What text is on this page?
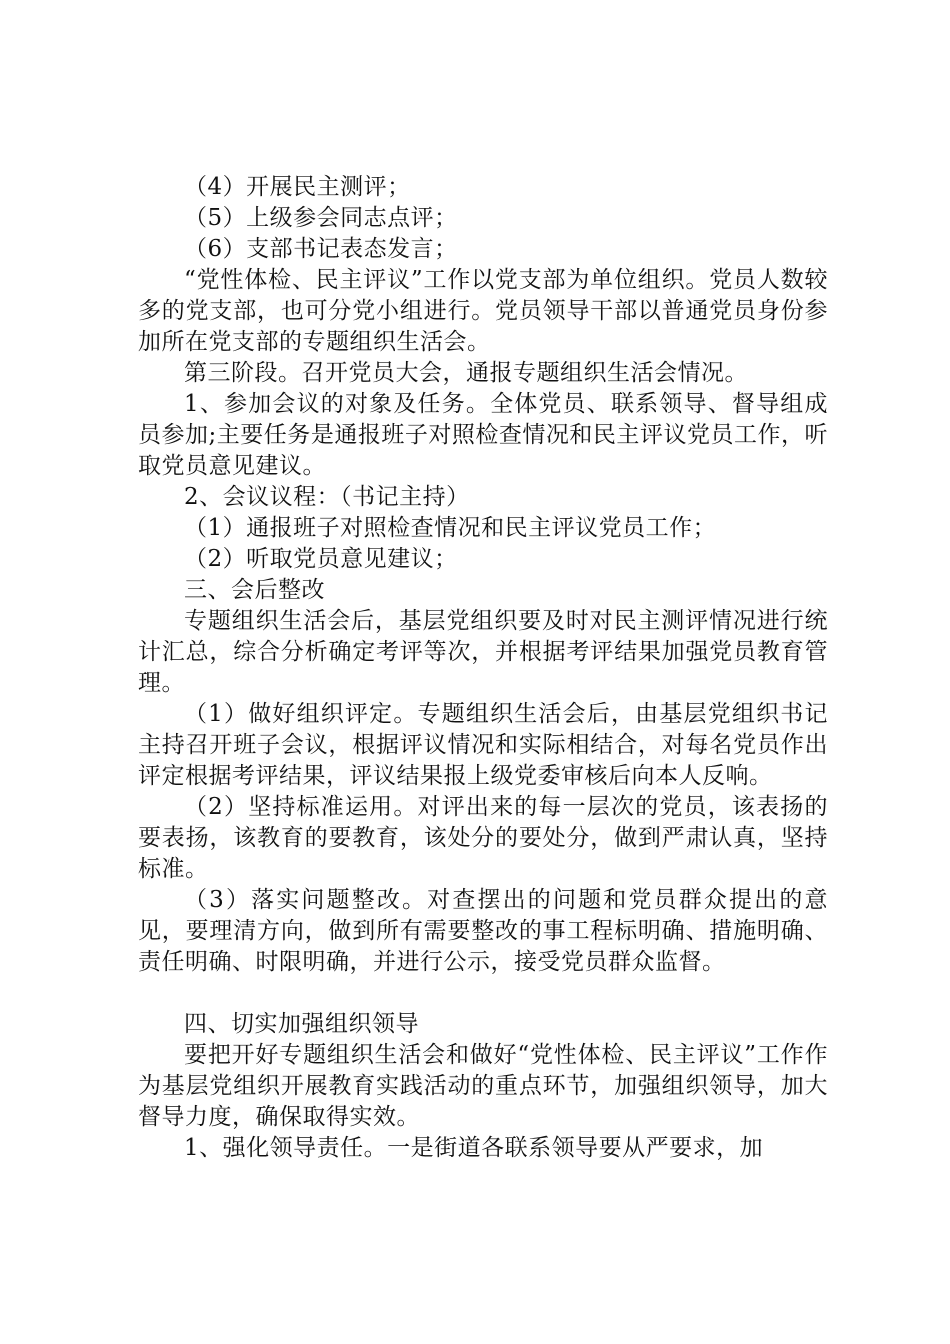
（4）开展民主测评；

（5）上级参会同志点评；

（6）支部书记表态发言；

“党性体检、民主评议”工作以党支部为单位组织。党员人数较多的党支部，也可分党小组进行。党员领导干部以普通党员身份参加所在党支部的专题组织生活会。

第三阶段。召开党员大会，通报专题组织生活会情况。

1、参加会议的对象及任务。全体党员、联系领导、督导组成员参加;主要任务是通报班子对照检查情况和民主评议党员工作，听取党员意见建议。

2、会议议程：（书记主持）

（1）通报班子对照检查情况和民主评议党员工作；

（2）听取党员意见建议；

三、会后整改

专题组织生活会后，基层党组织要及时对民主测评情况进行统计汇总，综合分析确定考评等次，并根据考评结果加强党员教育管理。

（1）做好组织评定。专题组织生活会后，由基层党组织书记主持召开班子会议，根据评议情况和实际相结合，对每名党员作出评定根据考评结果，评议结果报上级党委审核后向本人反响。

（2）坚持标准运用。对评出来的每一层次的党员，该表扬的要表扬，该教育的要教育，该处分的要处分，做到严肃认真，坚持标准。

（3）落实问题整改。对查摆出的问题和党员群众提出的意见，要理清方向，做到所有需要整改的事工程标明确、措施明确、责任明确、时限明确，并进行公示，接受党员群众监督。

四、切实加强组织领导

要把开好专题组织生活会和做好“党性体检、民主评议”工作作为基层党组织开展教育实践活动的重点环节，加强组织领导，加大督导力度，确保取得实效。

1、强化领导责任。一是街道各联系领导要从严要求，加
